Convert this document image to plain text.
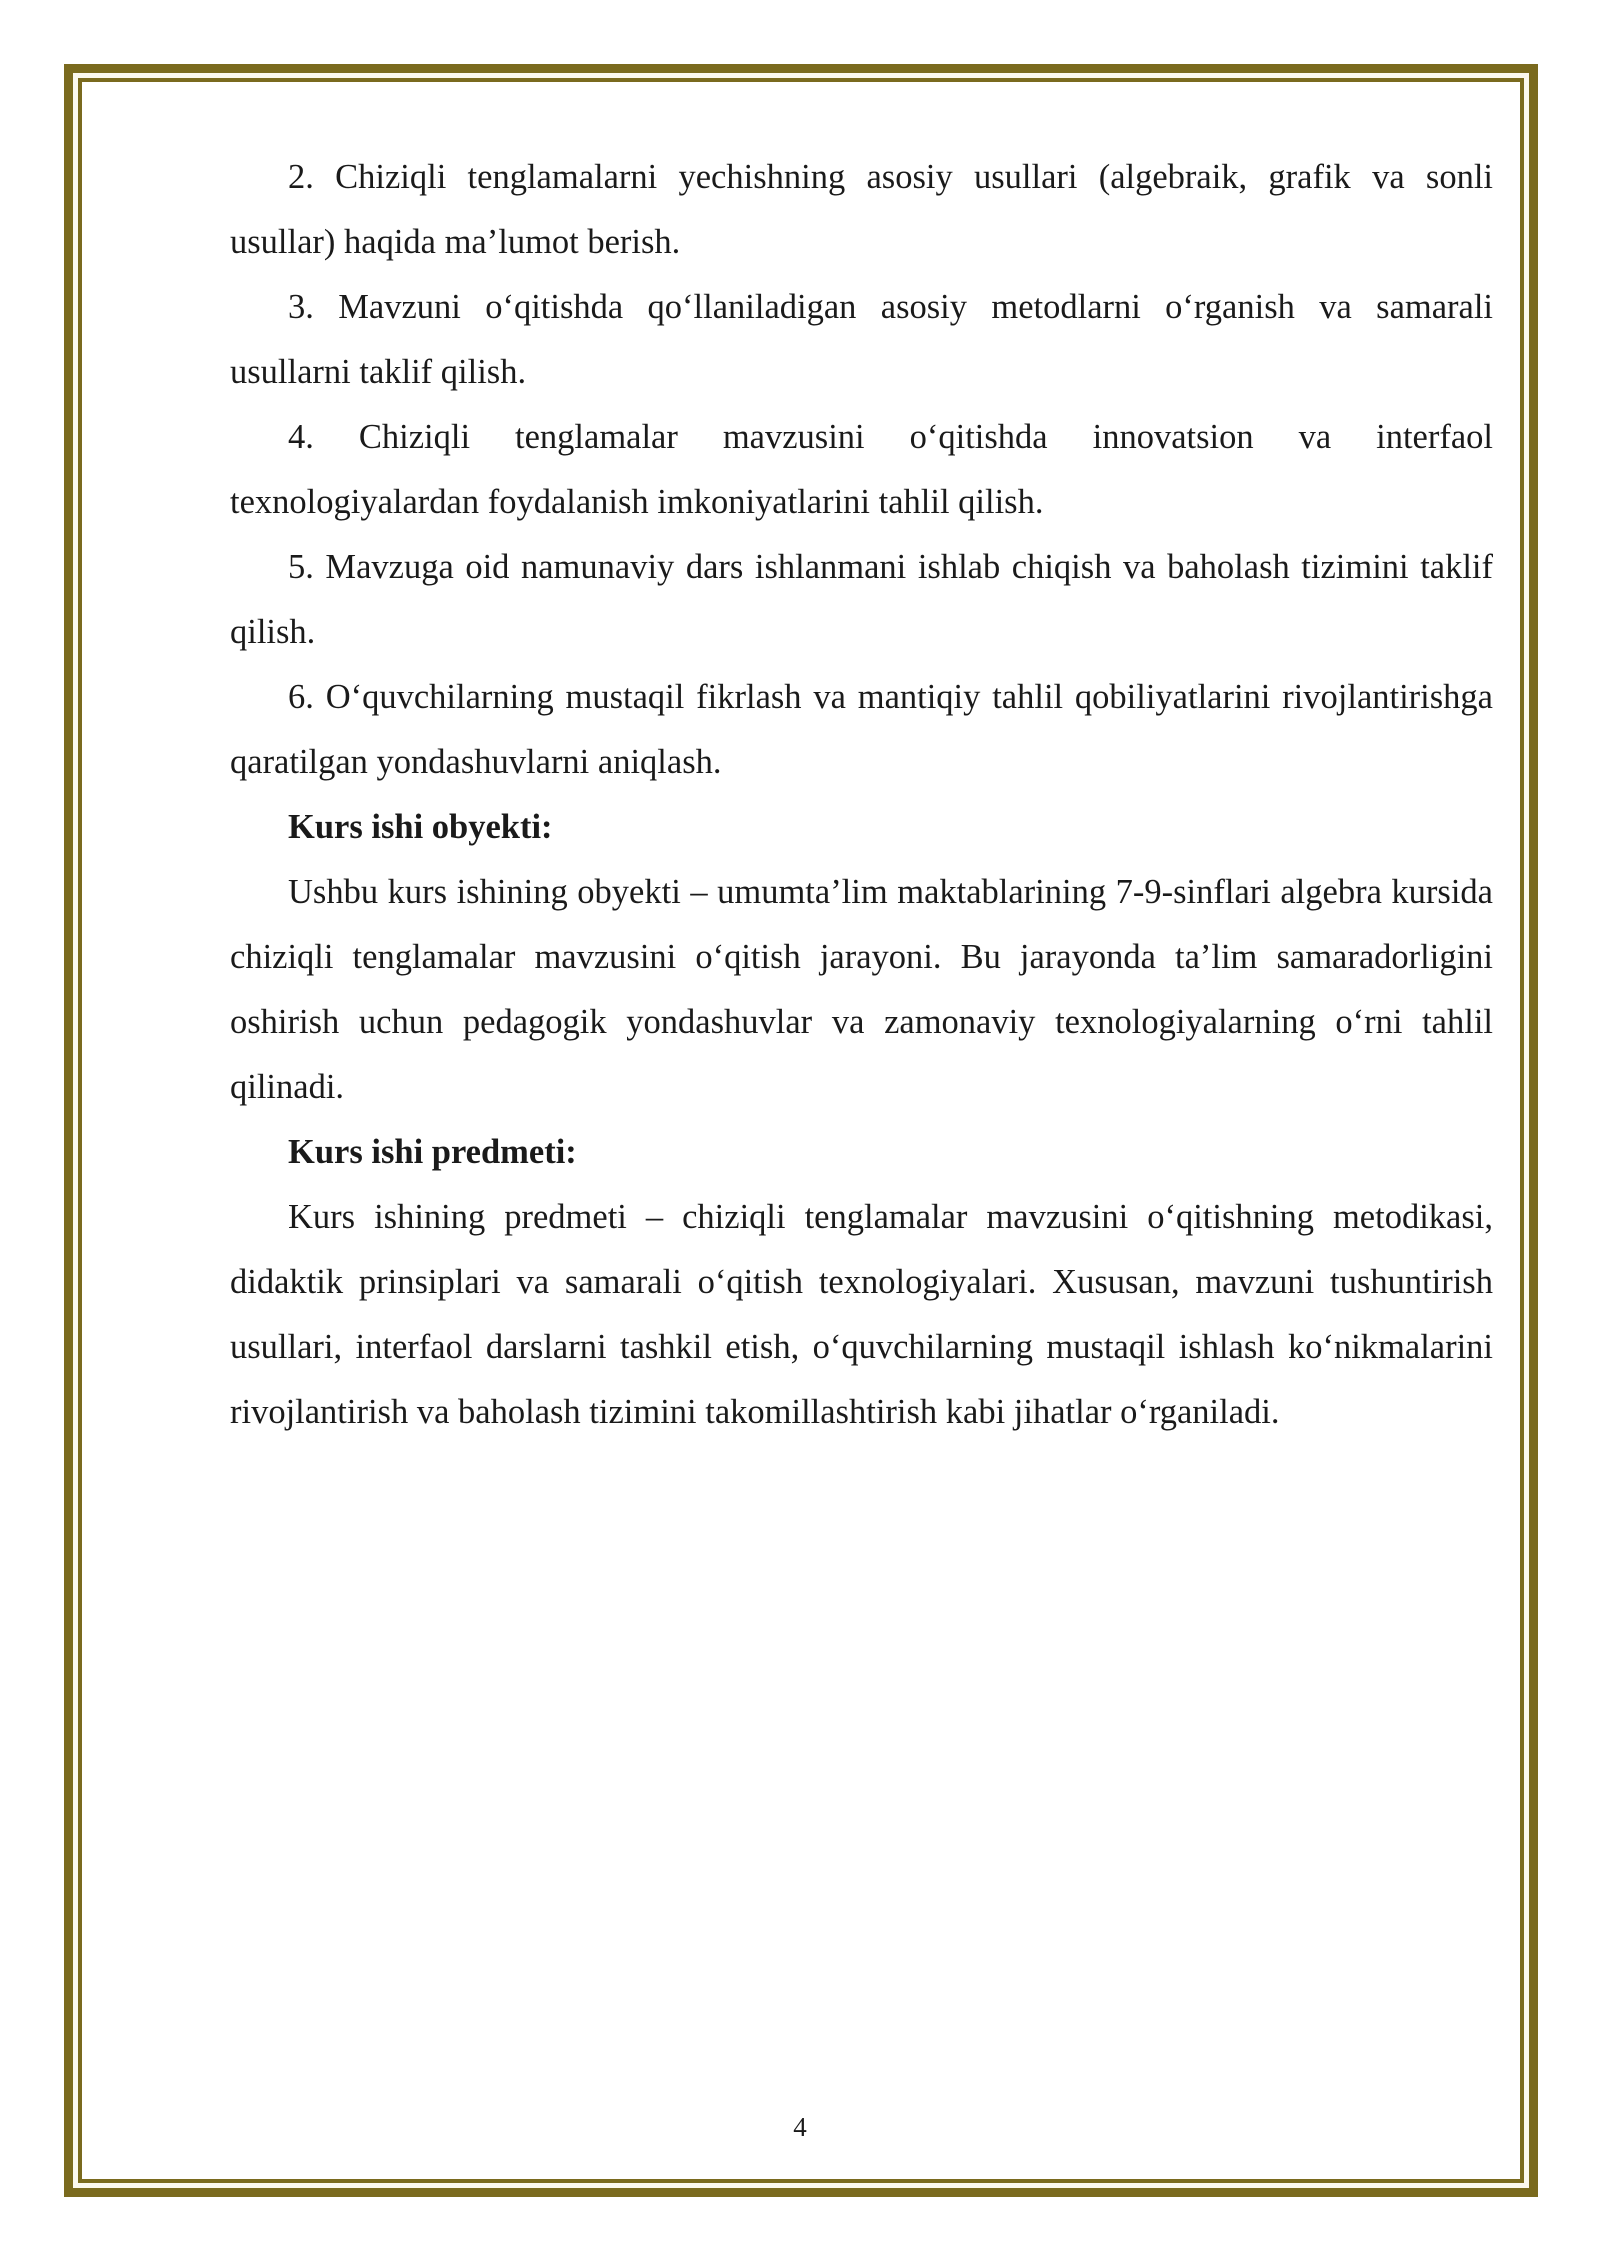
2. Chiziqli tenglamalarni yechishning asosiy usullari (algebraik, grafik va sonli usullar) haqida ma’lumot berish.

3. Mavzuni o‘qitishda qo‘llaniladigan asosiy metodlarni o‘rganish va samarali usullarni taklif qilish.

4. Chiziqli tenglamalar mavzusini o‘qitishda innovatsion va interfaol texnologiyalardan foydalanish imkoniyatlarini tahlil qilish.

5. Mavzuga oid namunaviy dars ishlanmani ishlab chiqish va baholash tizimini taklif qilish.

6. O‘quvchilarning mustaqil fikrlash va mantiqiy tahlil qobiliyatlarini rivojlantirishga qaratilgan yondashuvlarni aniqlash.

Kurs ishi obyekti:

Ushbu kurs ishining obyekti – umumta’lim maktablarining 7-9-sinflari algebra kursida chiziqli tenglamalar mavzusini o‘qitish jarayoni. Bu jarayonda ta’lim samaradorligini oshirish uchun pedagogik yondashuvlar va zamonaviy texnologiyalarning o‘rni tahlil qilinadi.

Kurs ishi predmeti:

Kurs ishining predmeti – chiziqli tenglamalar mavzusini o‘qitishning metodikasi, didaktik prinsiplari va samarali o‘qitish texnologiyalari. Xususan, mavzuni tushuntirish usullari, interfaol darslarni tashkil etish, o‘quvchilarning mustaqil ishlash ko‘nikmalarini rivojlantirish va baholash tizimini takomillashtirish kabi jihatlar o‘rganiladi.

4
